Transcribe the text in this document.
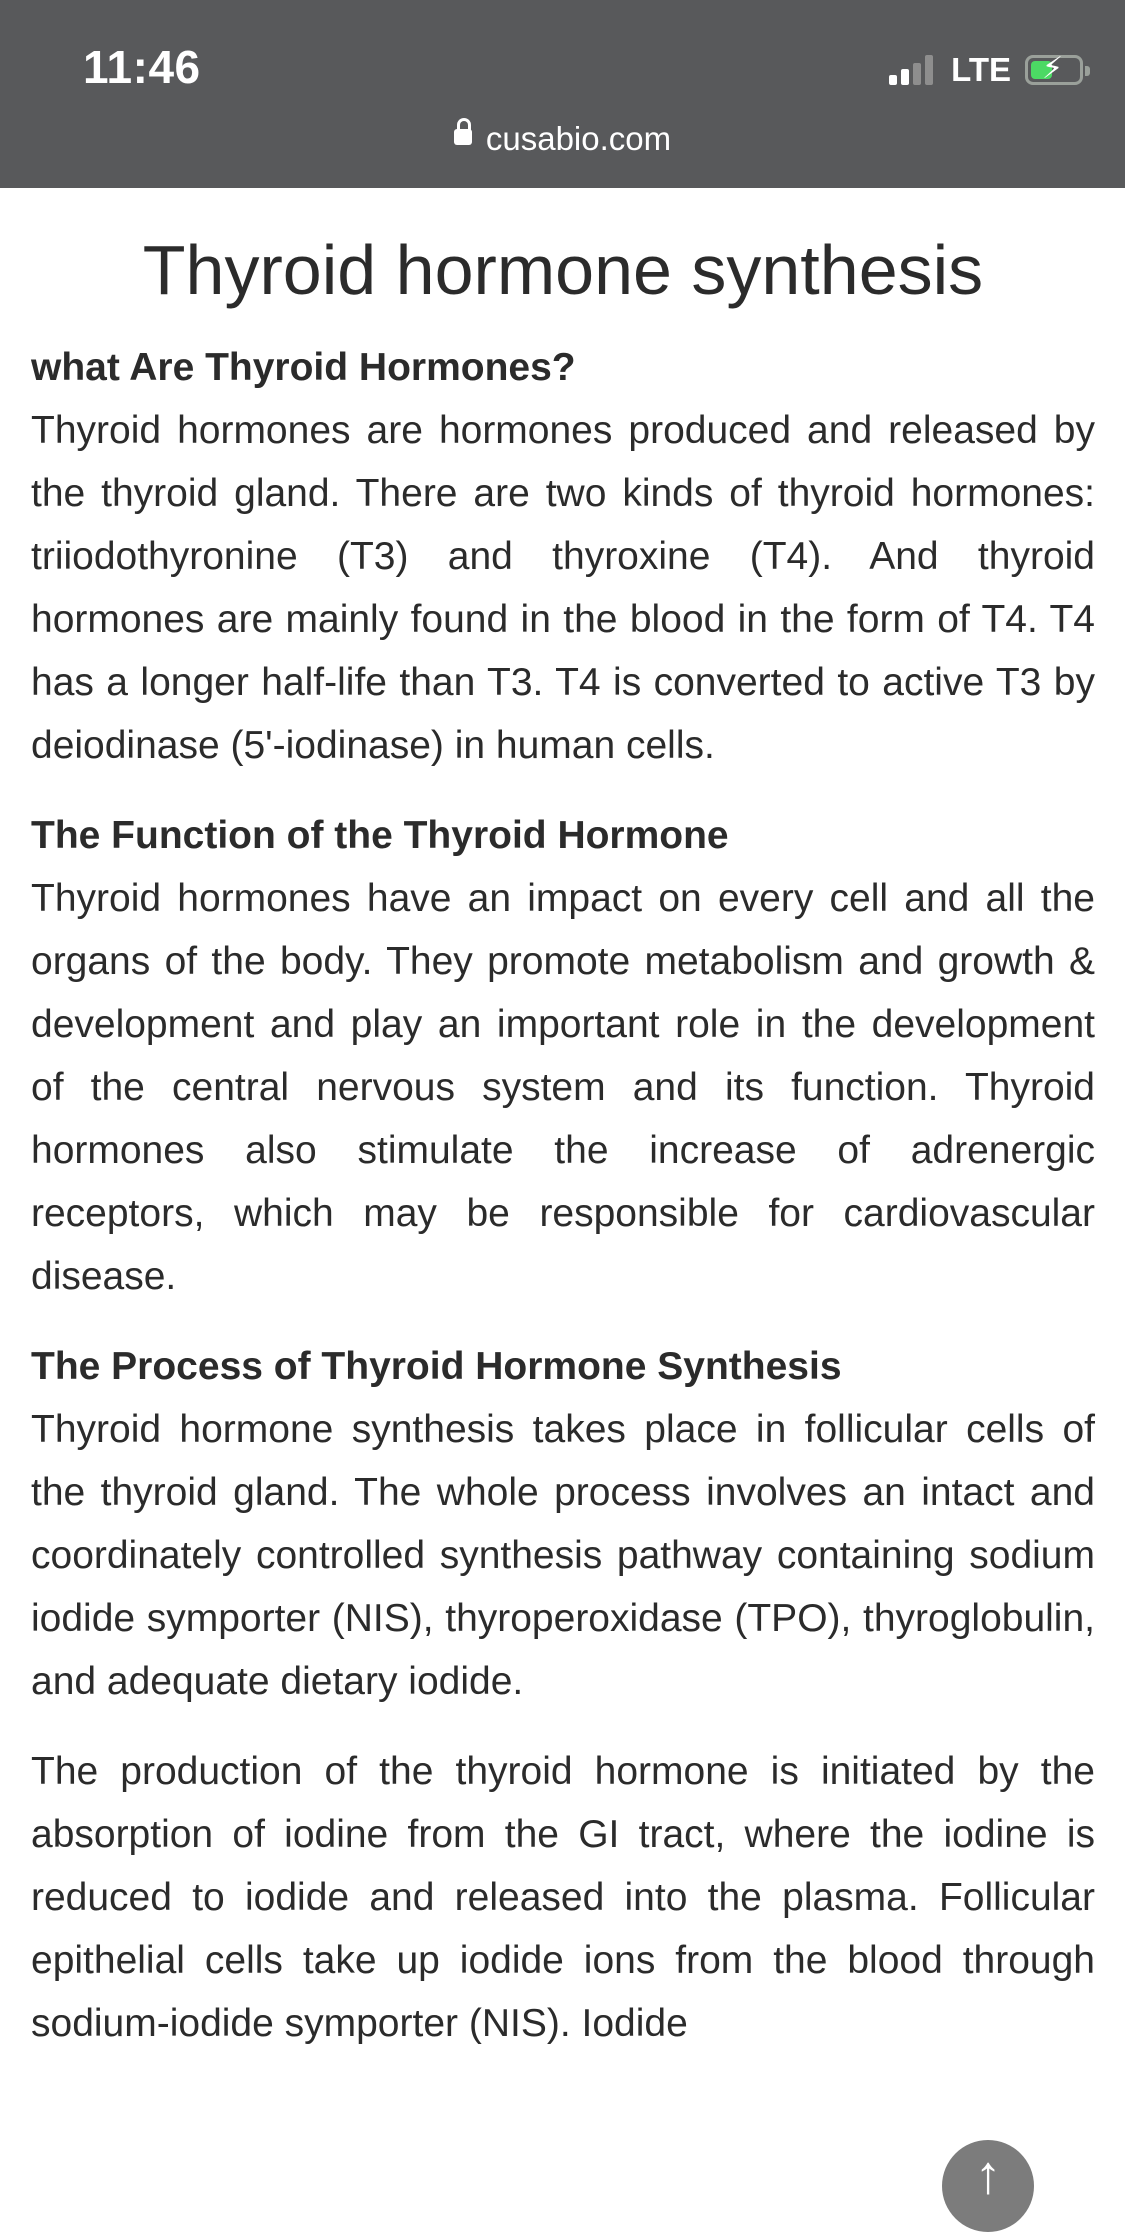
11:46	LTE ⚡︎
cusabio.com
Thyroid hormone synthesis
what Are Thyroid Hormones?

Thyroid hormones are hormones produced and released by the thyroid gland. There are two kinds of thyroid hormones: triiodothyronine (T3) and thyroxine (T4). And thyroid hormones are mainly found in the blood in the form of T4. T4 has a longer half-life than T3. T4 is converted to active T3 by deiodinase (5'-iodinase) in human cells.

The Function of the Thyroid Hormone

Thyroid hormones have an impact on every cell and all the organs of the body. They promote metabolism and growth & development and play an important role in the development of the central nervous system and its function. Thyroid hormones also stimulate the increase of adrenergic receptors, which may be responsible for cardiovascular disease.

The Process of Thyroid Hormone Synthesis

Thyroid hormone synthesis takes place in follicular cells of the thyroid gland. The whole process involves an intact and coordinately controlled synthesis pathway containing sodium iodide symporter (NIS), thyroperoxidase (TPO), thyroglobulin, and adequate dietary iodide.

The production of the thyroid hormone is initiated by the absorption of iodine from the GI tract, where the iodine is reduced to iodide and released into the plasma. Follicular epithelial cells take up iodide ions from the blood through sodium-iodide symporter (NIS). Iodide

↑
